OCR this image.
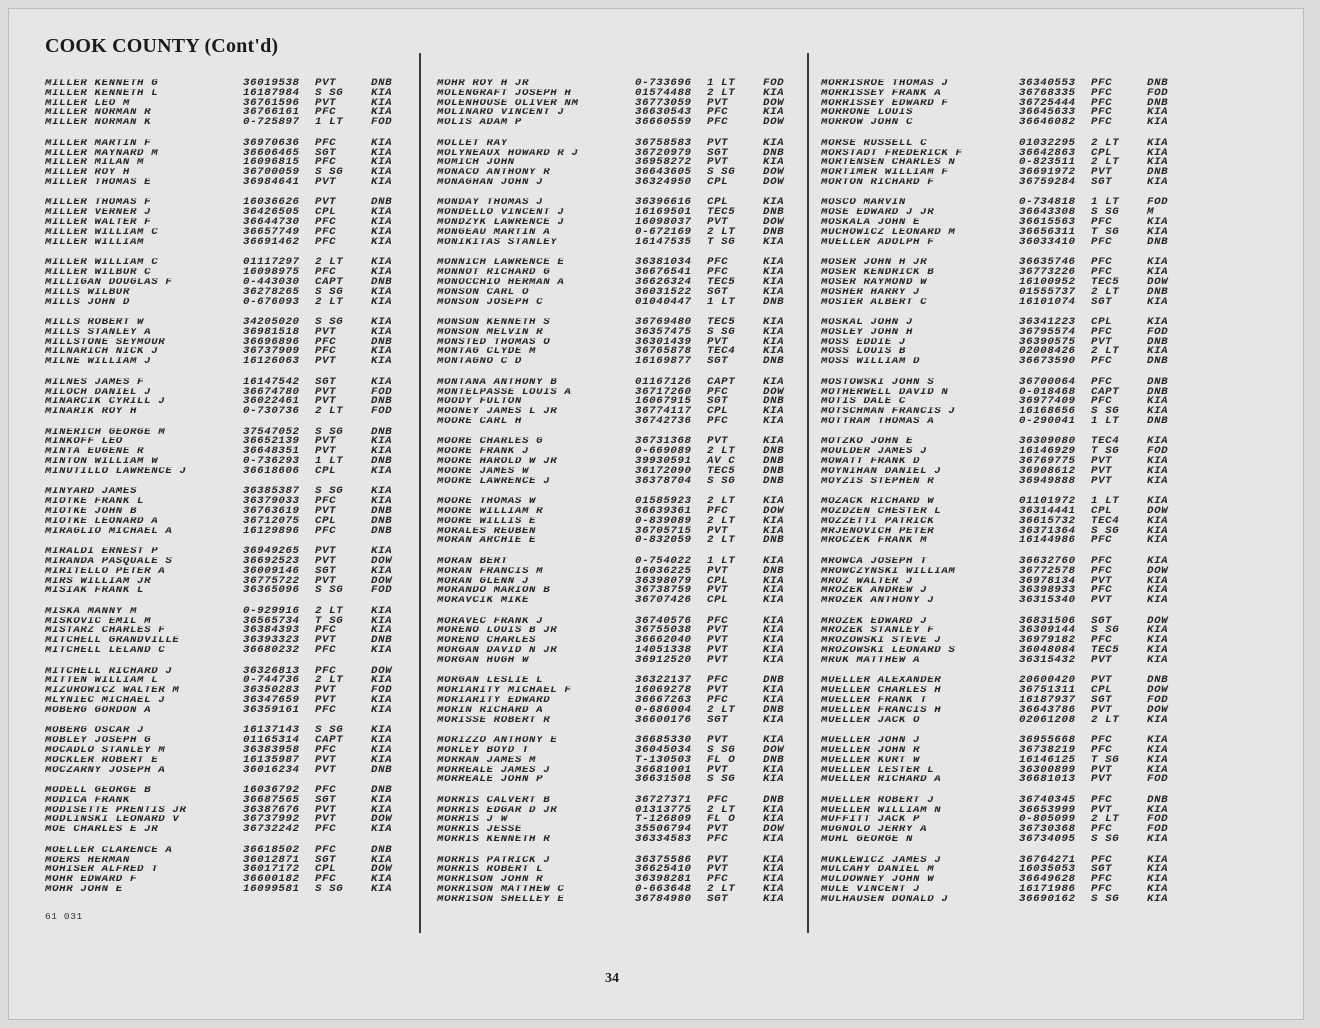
COOK COUNTY (Cont'd)
MILLER KENNETH G	36019538	PVT	DNB
MILLER KENNETH L	16187984	S SG	KIA
MILLER LEO M	36761596	PVT	KIA
MILLER NORMAN R	36766161	PFC	KIA
MILLER NORMAN K	0-725897	1 LT	FOD
MILLER MARTIN F	36970636	PFC	KIA
MILLER MAYNARD M	36606465	SGT	KIA
MILLER MILAN M	16096815	PFC	KIA
MILLER ROY H	36700059	S SG	KIA
MILLER THOMAS E	36984641	PVT	KIA
MILLER THOMAS F	16036626	PVT	DNB
MILLER VERNER J	36426505	CPL	KIA
MILLER WALTER F	36644730	PFC	KIA
MILLER WILLIAM C	36657749	PFC	KIA
MILLER WILLIAM	36691462	PFC	KIA
MILLER WILLIAM C	01117297	2 LT	KIA
MILLER WILBUR C	16098975	PFC	KIA
MILLIGAN DOUGLAS F	0-443030	CAPT	DNB
MILLS WILBUR	36278265	S SG	KIA
MILLS JOHN D	0-676093	2 LT	KIA
MILLS ROBERT W	34205020	S SG	KIA
MILLS STANLEY A	36981518	PVT	KIA
MILLSTONE SEYMOUR	36696896	PFC	DNB
MILNARICH NICK J	36737909	PFC	KIA
MILNE WILLIAM J	16126063	PVT	KIA
MILNES JAMES F	16147542	SGT	KIA
MILOCH DANIEL J	36674780	PVT	FOD
MINARCIK CYRILL J	36022461	PVT	DNB
MINARIK ROY H	0-730736	2 LT	FOD
MINERICH GEORGE M	37547052	S SG	DNB
MINKOFF LEO	36652139	PVT	KIA
MINTA EUGENE R	36648351	PVT	KIA
MINTON WILLIAM W	0-736293	1 LT	DNB
MINUTILLO LAWRENCE J	36618606	CPL	KIA
MINYARD JAMES	36385387	S SG	KIA
MIOTKE FRANK L	36379033	PFC	KIA
MIOTKE JOHN B	36763619	PVT	DNB
MIOTKE LEONARD A	36712075	CPL	DNB
MIRAGLIO MICHAEL A	16129896	PFC	DNB
MIRALDI ERNEST P	36949265	PVT	KIA
MIRANDA PASQUALE S	36692523	PVT	DOW
MIRITELLO PETER A	36009146	SGT	KIA
MIRS WILLIAM JR	36775722	PVT	DOW
MISIAK FRANK L	36365096	S SG	FOD
MISKA MANNY M	0-929916	2 LT	KIA
MISKOVIC EMIL M	36565734	T SG	KIA
MISTARZ CHARLES F	36384393	PFC	KIA
MITCHELL GRANDVILLE	36393323	PVT	DNB
MITCHELL LELAND C	36680232	PFC	KIA
MITCHELL RICHARD J	36326813	PFC	DOW
MITTEN WILLIAM L	0-744736	2 LT	KIA
MIZUROWICZ WALTER M	36350283	PVT	FOD
MLYNIEC MICHAEL J	36347659	PVT	KIA
MOBERG GORDON A	36359161	PFC	KIA
MOBERG OSCAR J	16137143	S SG	KIA
MOBLEY JOSEPH G	01165314	CAPT	KIA
MOCADLO STANLEY M	36383958	PFC	KIA
MOCKLER ROBERT E	16135987	PVT	KIA
MOCZARNY JOSEPH A	36016234	PVT	DNB
MODELL GEORGE B	16036792	PFC	DNB
MODICA FRANK	36687565	SGT	KIA
MODISETTE PRENTIS JR	36387676	PVT	KIA
MODLINSKI LEONARD V	36737992	PVT	DOW
MOE CHARLES E JR	36732242	PFC	KIA
MOELLER CLARENCE A	36618502	PFC	DNB
MOERS HERMAN	36012871	SGT	KIA
MOHISER ALFRED T	36017172	CPL	DOW
MOHR EDWARD F	36600182	PFC	KIA
MOHR JOHN E	16099581	S SG	KIA
MOHR ROY H JR	0-733696	1 LT	FOD
MOLENGRAFT JOSEPH H	01574488	2 LT	KIA
MOLENHOUSE OLIVER NM	36773059	PVT	DOW
MOLINARO VINCENT J	36630543	PFC	KIA
MOLIS ADAM P	36660559	PFC	DOW
MOLLET RAY	36758583	PVT	KIA
MOLYNEAUX HOWARD R J	36720979	SGT	DNB
MOMICH JOHN	36958272	PVT	KIA
MONACO ANTHONY R	36643605	S SG	DOW
MONAGHAN JOHN J	36324950	CPL	DOW
MONDAY THOMAS J	36396616	CPL	KIA
MONDELLO VINCENT J	16169501	TEC5	DNB
MONDZYK LAWRENCE J	16098037	PVT	DOW
MONGEAU MARTIN A	0-672169	2 LT	DNB
MONIKITAS STANLEY	16147535	T SG	KIA
MONNICH LAWRENCE E	36381034	PFC	KIA
MONNOT RICHARD G	36676541	PFC	KIA
MONOCCHIO HERMAN A	36626324	TEC5	KIA
MONSON CARL O	36031522	SGT	KIA
MONSON JOSEPH C	01040447	1 LT	DNB
MONSON KENNETH S	36769480	TEC5	KIA
MONSON MELVIN R	36357475	S SG	KIA
MONSTED THOMAS O	36301439	PVT	KIA
MONTAG CLYDE M	36765878	TEC4	KIA
MONTAGNO C D	16169877	SGT	DNB
MONTANA ANTHONY B	01167126	CAPT	KIA
MONTELPASSE LOUIS A	36717260	PFC	DOW
MOODY FULTON	16067915	SGT	DNB
MOONEY JAMES L JR	36774117	CPL	KIA
MOORE CARL H	36742736	PFC	KIA
MOORE CHARLES G	36731368	PVT	KIA
MOORE FRANK J	0-669089	2 LT	DNB
MOORE HAROLD W JR	39930591	AV C	DNB
MOORE JAMES W	36172090	TEC5	DNB
MOORE LAWRENCE J	36378704	S SG	DNB
MOORE THOMAS W	01585923	2 LT	KIA
MOORE WILLIAM R	36639361	PFC	DOW
MOORE WILLIS E	0-839089	2 LT	KIA
MORALES REUBEN	36705715	PVT	KIA
MORAN ARCHIE E	0-832059	2 LT	DNB
MORAN BERT	0-754022	1 LT	KIA
MORAN FRANCIS M	16036225	PVT	DNB
MORAN GLENN J	36398079	CPL	KIA
MORANDO MARION B	36738759	PVT	KIA
MORAVCIK MIKE	36707426	CPL	KIA
MORAVEC FRANK J	36740576	PFC	KIA
MORENO LOUIS B JR	36755038	PVT	KIA
MORENO CHARLES	36662040	PVT	KIA
MORGAN DAVID N JR	14051338	PVT	KIA
MORGAN HUGH W	36912520	PVT	KIA
MORGAN LESLIE L	36322137	PFC	DNB
MORIARITY MICHAEL F	16069278	PVT	KIA
MORIARITY EDWARD	36667263	PFC	KIA
MORIN RICHARD A	0-686004	2 LT	DNB
MORISSE ROBERT R	36600176	SGT	KIA
MORIZZO ANTHONY E	36685330	PVT	KIA
MORLEY BOYD T	36045034	S SG	DOW
MORRAN JAMES M	T-130503	FL O	DNB
MORREALE JAMES J	36681001	PVT	KIA
MORREALE JOHN P	36631508	S SG	KIA
MORRIS CALVERT B	36727371	PFC	DNB
MORRIS EDGAR D JR	01313775	2 LT	KIA
MORRIS J W	T-126809	FL O	KIA
MORRIS JESSE	35506794	PVT	DOW
MORRIS KENNETH R	36334583	PFC	KIA
MORRIS PATRICK J	36375586	PVT	KIA
MORRIS ROBERT L	36625410	PVT	KIA
MORRISON JOHN R	36398281	PFC	KIA
MORRISON MATTHEW C	0-663648	2 LT	KIA
MORRISON SHELLEY E	36784980	SGT	KIA
MORRISROE THOMAS J	36340553	PFC	DNB
MORRISSEY FRANK A	36768335	PFC	FOD
MORRISSEY EDWARD F	36725444	PFC	DNB
MORRONE LOUIS	36645633	PFC	KIA
MORROW JOHN C	36646082	PFC	KIA
MORSE RUSSELL C	01032295	2 LT	KIA
MORSTADT FREDERICK F	36642863	CPL	KIA
MORTENSEN CHARLES N	0-823511	2 LT	KIA
MORTIMER WILLIAM F	36691972	PVT	DNB
MORTON RICHARD F	36759284	SGT	KIA
MOSCO MARVIN	0-734818	1 LT	FOD
MOSE EDWARD J JR	36643308	S SG	M
MOSKALA JOHN E	36615563	PFC	KIA
MUCHOWICZ LEONARD M	36656311	T SG	KIA
MUELLER ADOLPH F	36033410	PFC	DNB
MOSER JOHN H JR	36635746	PFC	KIA
MOSER KENDRICK B	36773226	PFC	KIA
MOSER RAYMOND W	16100952	TEC5	DOW
MOSHER HARRY J	01555737	2 LT	DNB
MOSIER ALBERT C	16101074	SGT	KIA
MOSKAL JOHN J	36341223	CPL	KIA
MOSLEY JOHN H	36795574	PFC	FOD
MOSS EDDIE J	36390575	PVT	DNB
MOSS LOUIS B	02008426	2 LT	KIA
MOSS WILLIAM D	36673590	PFC	DNB
MOSTOWSKI JOHN S	36700064	PFC	DNB
MOTHERWELL DAVID N	0-018468	CAPT	DNB
MOTIS DALE C	36977409	PFC	KIA
MOTSCHMAN FRANCIS J	16168656	S SG	KIA
MOTTRAM THOMAS A	0-290041	1 LT	DNB
MOTZKO JOHN E	36309080	TEC4	KIA
MOULDER JAMES J	16146929	T SG	FOD
MOWATT FRANK D	36769775	PVT	KIA
MOYNIHAN DANIEL J	36908612	PVT	KIA
MOYZIS STEPHEN R	36949888	PVT	KIA
MOZACK RICHARD W	01101972	1 LT	KIA
MOZDZEN CHESTER L	36314441	CPL	DOW
MOZZETTI PATRICK	36615732	TEC4	KIA
MRJENOVICH PETER	36371364	S SG	KIA
MROCZEK FRANK M	16144986	PFC	KIA
MROWCA JOSEPH T	36632760	PFC	KIA
MROWCZYNSKI WILLIAM	36772578	PFC	DOW
MROZ WALTER J	36978134	PVT	KIA
MROZEK ANDREW J	36398933	PFC	KIA
MROZEK ANTHONY J	36315340	PVT	KIA
MROZEK EDWARD J	36831506	SGT	DOW
MROZEK STANLEY F	36309144	S SG	KIA
MROZOWSKI STEVE J	36979182	PFC	KIA
MROZOWSKI LEONARD S	36048084	TEC5	KIA
MRUK MATTHEW A	36315432	PVT	KIA
MUELLER ALEXANDER	20600420	PVT	DNB
MUELLER CHARLES H	36751311	CPL	DOW
MUELLER FRANK T	16187937	SGT	FOD
MUELLER FRANCIS H	36643786	PVT	DOW
MUELLER JACK O	02061208	2 LT	KIA
MUELLER JOHN J	36955668	PFC	KIA
MUELLER JOHN R	36738219	PFC	KIA
MUELLER KURT W	16146125	T SG	KIA
MUELLER LESTER L	36300899	PVT	KIA
MUELLER RICHARD A	36681013	PVT	FOD
MUELLER ROBERT J	36740345	PFC	DNB
MUELLER WILLIAM N	36653999	PVT	KIA
MUFFITT JACK P	0-805099	2 LT	FOD
MUGNOLO JERRY A	36730368	PFC	FOD
MUHL GEORGE N	36734095	S SG	KIA
MUKLEWICZ JAMES J	36764271	PFC	KIA
MULCAHY DANIEL M	16035053	SGT	KIA
MULDOWNEY JOHN W	36649628	PFC	KIA
MULE VINCENT J	16171986	PFC	KIA
MULHAUSEN DONALD J	36690162	S SG	KIA
61 031
34
